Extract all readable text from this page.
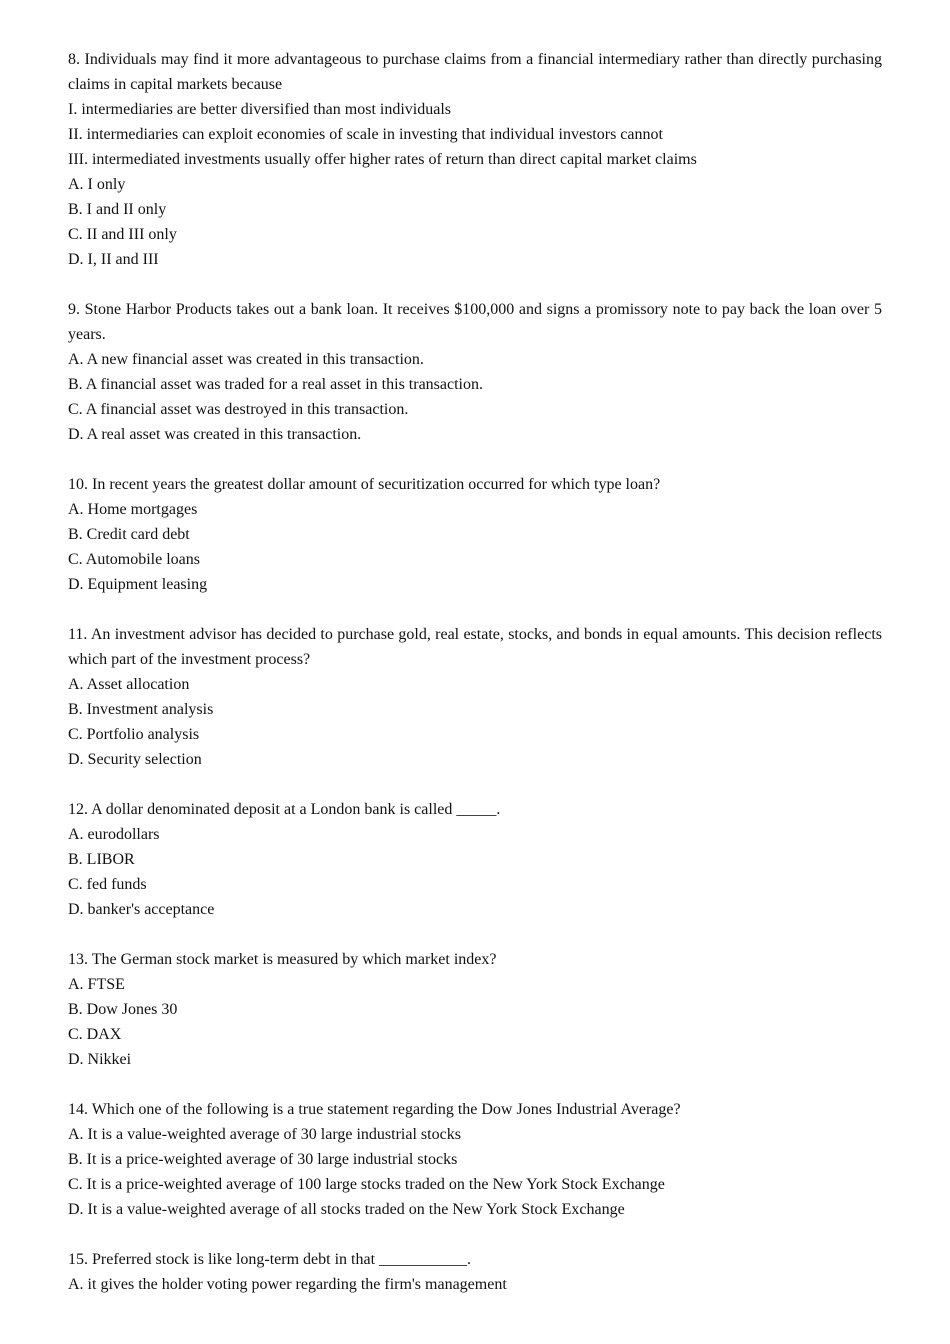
8. Individuals may find it more advantageous to purchase claims from a financial intermediary rather than directly purchasing claims in capital markets because
I. intermediaries are better diversified than most individuals
II. intermediaries can exploit economies of scale in investing that individual investors cannot
III. intermediated investments usually offer higher rates of return than direct capital market claims
A. I only
B. I and II only
C. II and III only
D. I, II and III
9. Stone Harbor Products takes out a bank loan. It receives $100,000 and signs a promissory note to pay back the loan over 5 years.
A. A new financial asset was created in this transaction.
B. A financial asset was traded for a real asset in this transaction.
C. A financial asset was destroyed in this transaction.
D. A real asset was created in this transaction.
10. In recent years the greatest dollar amount of securitization occurred for which type loan?
A. Home mortgages
B. Credit card debt
C. Automobile loans
D. Equipment leasing
11. An investment advisor has decided to purchase gold, real estate, stocks, and bonds in equal amounts. This decision reflects which part of the investment process?
A. Asset allocation
B. Investment analysis
C. Portfolio analysis
D. Security selection
12. A dollar denominated deposit at a London bank is called _____.
A. eurodollars
B. LIBOR
C. fed funds
D. banker's acceptance
13. The German stock market is measured by which market index?
A. FTSE
B. Dow Jones 30
C. DAX
D. Nikkei
14. Which one of the following is a true statement regarding the Dow Jones Industrial Average?
A. It is a value-weighted average of 30 large industrial stocks
B. It is a price-weighted average of 30 large industrial stocks
C. It is a price-weighted average of 100 large stocks traded on the New York Stock Exchange
D. It is a value-weighted average of all stocks traded on the New York Stock Exchange
15. Preferred stock is like long-term debt in that ___________.
A. it gives the holder voting power regarding the firm's management
